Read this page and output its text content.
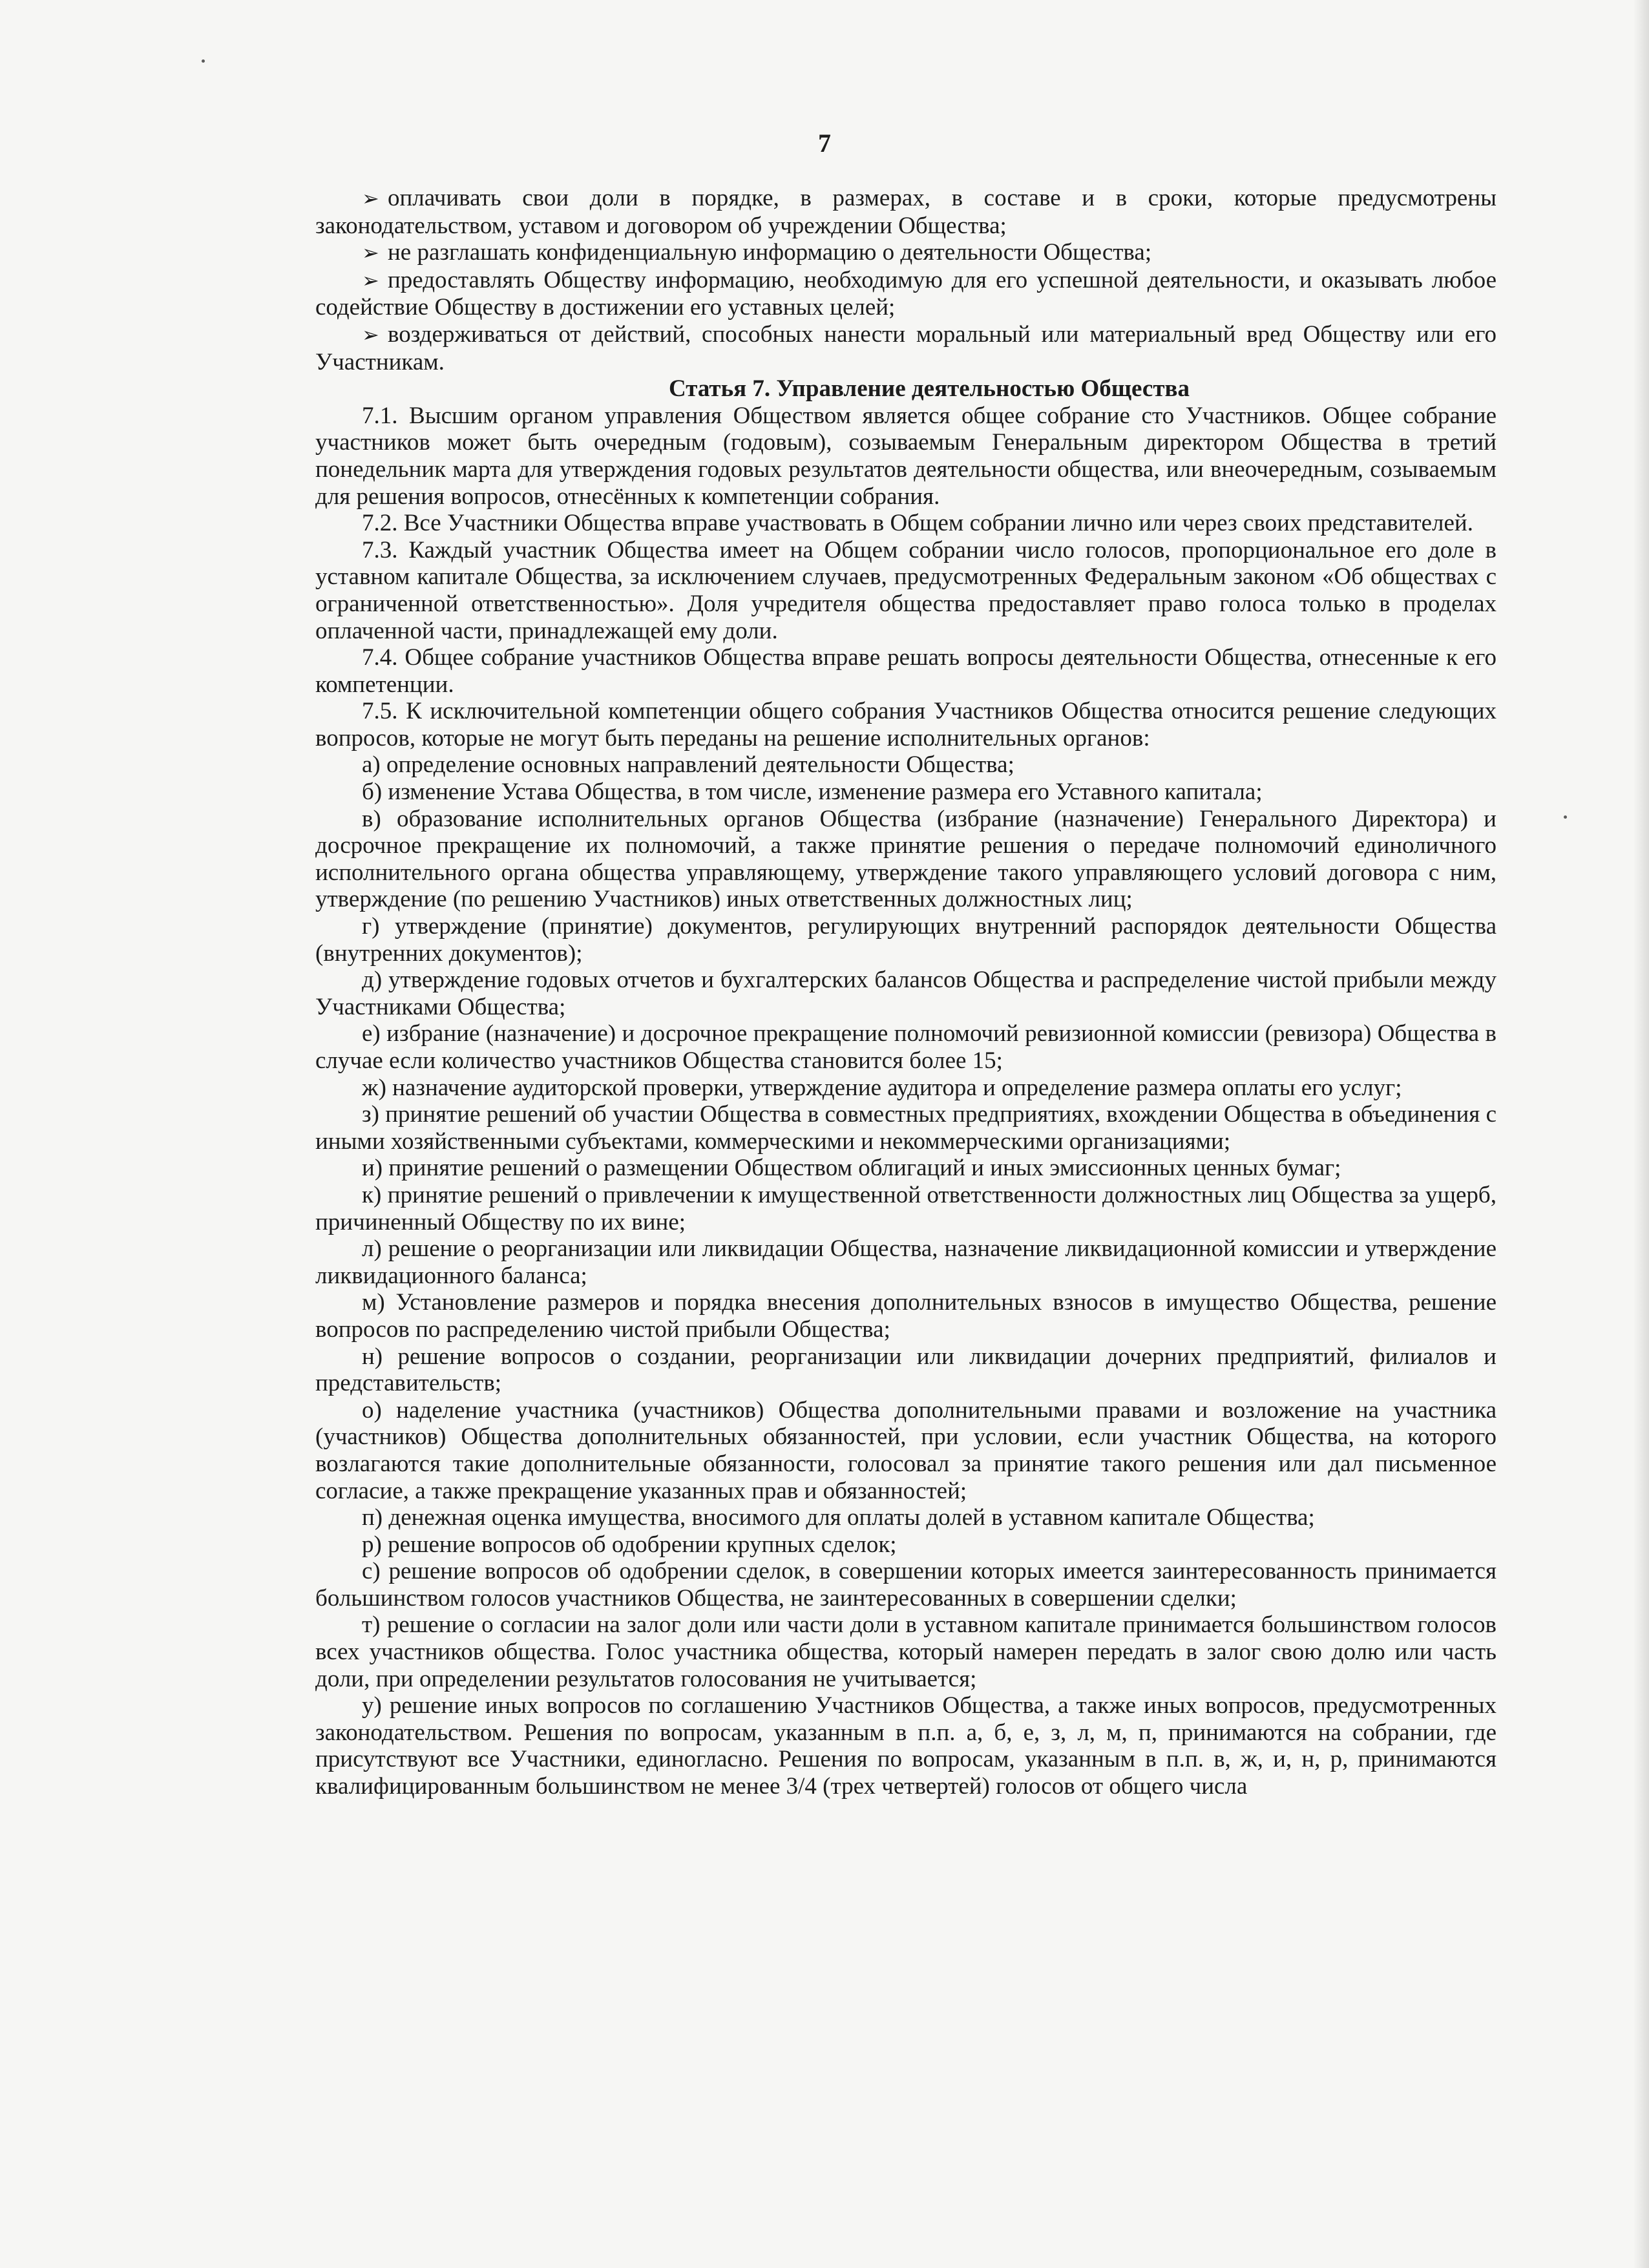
7

➢ оплачивать свои доли в порядке, в размерах, в составе и в сроки, которые предусмотрены законодательством, уставом и договором об учреждении Общества;

➢ не разглашать конфиденциальную информацию о деятельности Общества;

➢ предоставлять Обществу информацию, необходимую для его успешной деятельности, и оказывать любое содействие Обществу в достижении его уставных целей;

➢ воздерживаться от действий, способных нанести моральный или материальный вред Обществу или его Участникам.

Статья 7. Управление деятельностью Общества

7.1. Высшим органом управления Обществом является общее собрание сто Участников. Общее собрание участников может быть очередным (годовым), созываемым Генеральным директором Общества в третий понедельник марта для утверждения годовых результатов деятельности общества, или внеочередным, созываемым для решения вопросов, отнесённых к компетенции собрания.

7.2. Все Участники Общества вправе участвовать в Общем собрании лично или через своих представителей.

7.3. Каждый участник Общества имеет на Общем собрании число голосов, пропорциональное его доле в уставном капитале Общества, за исключением случаев, предусмотренных Федеральным законом «Об обществах с ограниченной ответственностью». Доля учредителя общества предоставляет право голоса только в проделах оплаченной части, принадлежащей ему доли.

7.4. Общее собрание участников Общества вправе решать вопросы деятельности Общества, отнесенные к его компетенции.

7.5. К исключительной компетенции общего собрания Участников Общества относится решение следующих вопросов, которые не могут быть переданы на решение исполнительных органов:

а) определение основных направлений деятельности Общества;

б) изменение Устава Общества, в том числе, изменение размера его Уставного капитала;

в) образование исполнительных органов Общества (избрание (назначение) Генерального Директора) и досрочное прекращение их полномочий, а также принятие решения о передаче полномочий единоличного исполнительного органа общества управляющему, утверждение такого управляющего условий договора с ним, утверждение (по решению Участников) иных ответственных должностных лиц;

г) утверждение (принятие) документов, регулирующих внутренний распорядок деятельности Общества (внутренних документов);

д) утверждение годовых отчетов и бухгалтерских балансов Общества и распределение чистой прибыли между Участниками Общества;

е) избрание (назначение) и досрочное прекращение полномочий ревизионной комиссии (ревизора) Общества в случае если количество участников Общества становится более 15;

ж) назначение аудиторской проверки, утверждение аудитора и определение размера оплаты его услуг;

з) принятие решений об участии Общества в совместных предприятиях, вхождении Общества в объединения с иными хозяйственными субъектами, коммерческими и некоммерческими организациями;

и) принятие решений о размещении Обществом облигаций и иных эмиссионных ценных бумаг;

к) принятие решений о привлечении к имущественной ответственности должностных лиц Общества за ущерб, причиненный Обществу по их вине;

л) решение о реорганизации или ликвидации Общества, назначение ликвидационной комиссии и утверждение ликвидационного баланса;

м) Установление размеров и порядка внесения дополнительных взносов в имущество Общества, решение вопросов по распределению чистой прибыли Общества;

н) решение вопросов о создании, реорганизации или ликвидации дочерних предприятий, филиалов и представительств;

о) наделение участника (участников) Общества дополнительными правами и возложение на участника (участников) Общества дополнительных обязанностей, при условии, если участник Общества, на которого возлагаются такие дополнительные обязанности, голосовал за принятие такого решения или дал письменное согласие, а также прекращение указанных прав и обязанностей;

п) денежная оценка имущества, вносимого для оплаты долей в уставном капитале Общества;

р) решение вопросов об одобрении крупных сделок;

с) решение вопросов об одобрении сделок, в совершении которых имеется заинтересованность принимается большинством голосов участников Общества, не заинтересованных в совершении сделки;

т) решение о согласии на залог доли или части доли в уставном капитале принимается большинством голосов всех участников общества. Голос участника общества, который намерен передать в залог свою долю или часть доли, при определении результатов голосования не учитывается;

у) решение иных вопросов по соглашению Участников Общества, а также иных вопросов, предусмотренных законодательством. Решения по вопросам, указанным в п.п. а, б, е, з, л, м, п, принимаются на собрании, где присутствуют все Участники, единогласно. Решения по вопросам, указанным в п.п. в, ж, и, н, р, принимаются квалифицированным большинством не менее 3/4 (трех четвертей) голосов от общего числа
